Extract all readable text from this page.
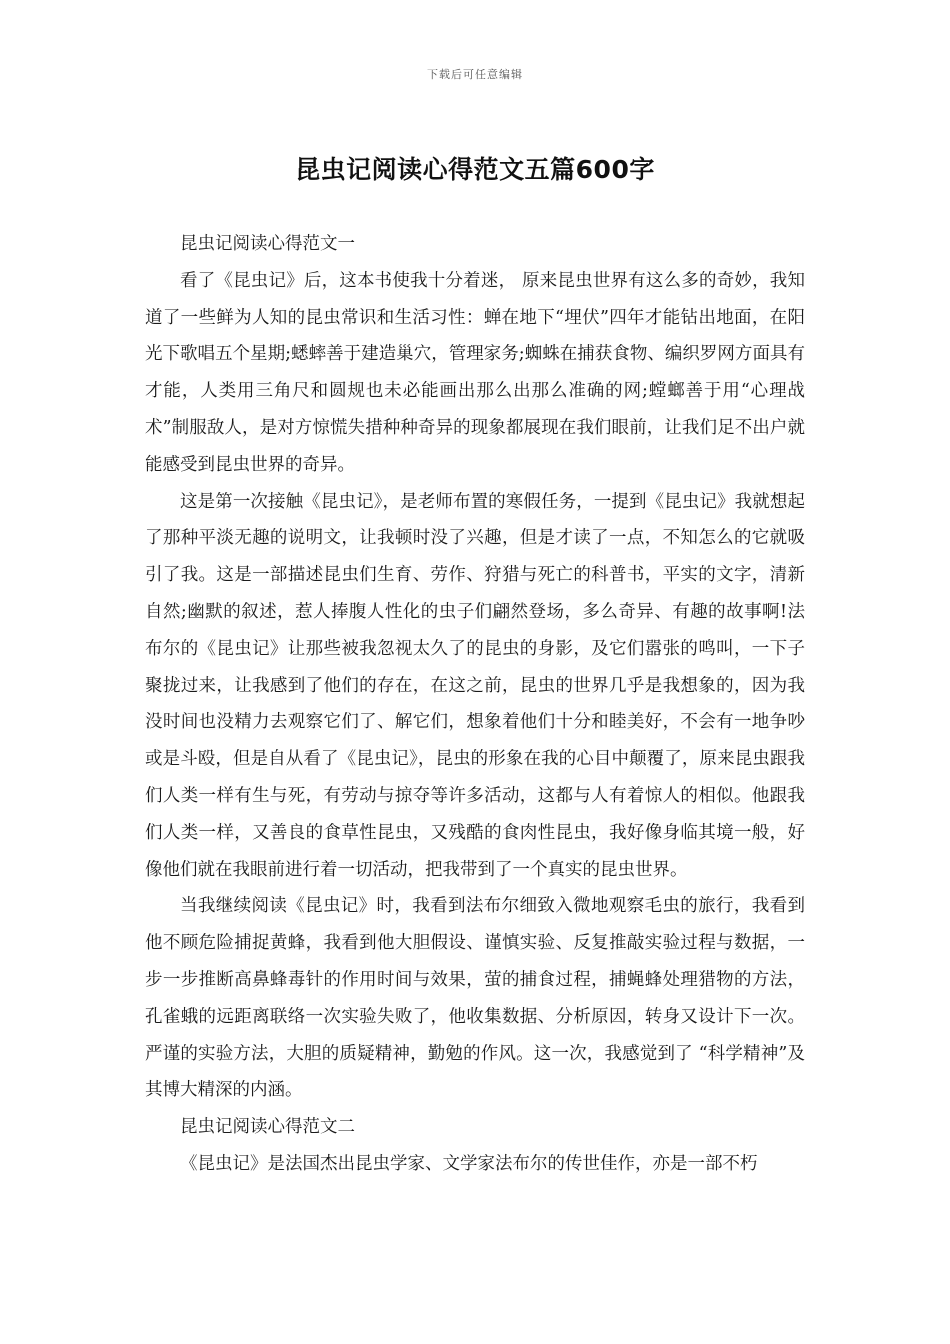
下载后可任意编辑
昆虫记阅读心得范文五篇600字

昆虫记阅读心得范文一

看了《昆虫记》后，这本书使我十分着迷， 原来昆虫世界有这么多的奇妙，我知道了一些鲜为人知的昆虫常识和生活习性：蝉在地下“埋伏”四年才能钻出地面，在阳光下歌唱五个星期;蟋蟀善于建造巢穴，管理家务;蜘蛛在捕获食物、编织罗网方面具有才能，人类用三角尺和圆规也未必能画出那么出那么准确的网;螳螂善于用“心理战术”制服敌人，是对方惊慌失措种种奇异的现象都展现在我们眼前，让我们足不出户就能感受到昆虫世界的奇异。

这是第一次接触《昆虫记》，是老师布置的寒假任务，一提到《昆虫记》我就想起了那种平淡无趣的说明文，让我顿时没了兴趣，但是才读了一点，不知怎么的它就吸引了我。这是一部描述昆虫们生育、劳作、狩猎与死亡的科普书，平实的文字，清新自然;幽默的叙述，惹人捧腹人性化的虫子们翩然登场，多么奇异、有趣的故事啊!法布尔的《昆虫记》让那些被我忽视太久了的昆虫的身影，及它们嚣张的鸣叫，一下子聚拢过来，让我感到了他们的存在，在这之前，昆虫的世界几乎是我想象的，因为我没时间也没精力去观察它们了、解它们，想象着他们十分和睦美好，不会有一地争吵或是斗殴，但是自从看了《昆虫记》，昆虫的形象在我的心目中颠覆了，原来昆虫跟我们人类一样有生与死，有劳动与掠夺等许多活动，这都与人有着惊人的相似。他跟我们人类一样，又善良的食草性昆虫，又残酷的食肉性昆虫，我好像身临其境一般，好像他们就在我眼前进行着一切活动，把我带到了一个真实的昆虫世界。

当我继续阅读《昆虫记》时，我看到法布尔细致入微地观察毛虫的旅行，我看到他不顾危险捕捉黄蜂，我看到他大胆假设、谨慎实验、反复推敲实验过程与数据，一步一步推断高鼻蜂毒针的作用时间与效果，萤的捕食过程，捕蝇蜂处理猎物的方法，孔雀蛾的远距离联络一次实验失败了，他收集数据、分析原因，转身又设计下一次。严谨的实验方法，大胆的质疑精神，勤勉的作风。这一次，我感觉到了 “科学精神”及其博大精深的内涵。

昆虫记阅读心得范文二

《昆虫记》是法国杰出昆虫学家、文学家法布尔的传世佳作，亦是一部不朽
